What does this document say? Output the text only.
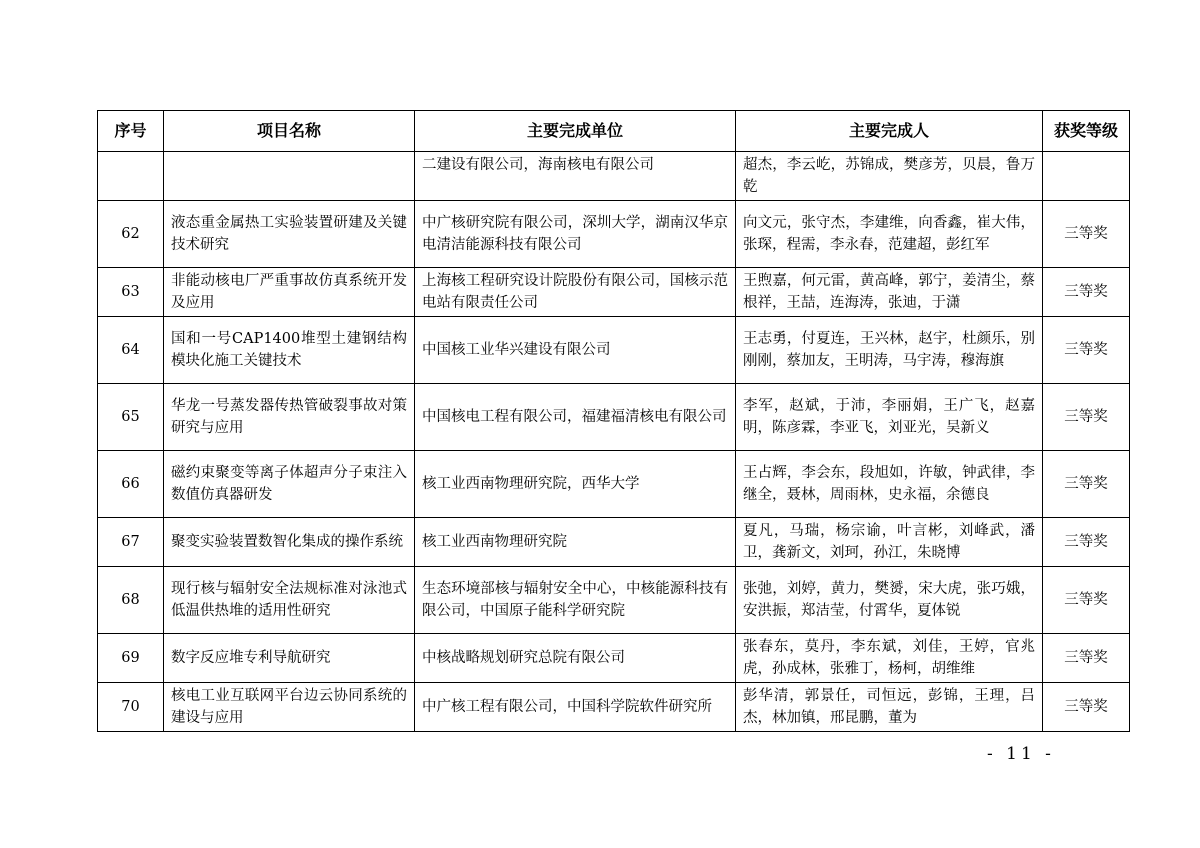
序号	项目名称	主要完成单位	主要完成人	获奖等级
		二建设有限公司，海南核电有限公司	超杰，李云屹，苏锦成，樊彦芳，贝晨，鲁万乾	
62	液态重金属热工实验装置研建及关键技术研究	中广核研究院有限公司，深圳大学，湖南汉华京电清洁能源科技有限公司	向文元，张守杰，李建维，向香鑫，崔大伟，张琛，程需，李永春，范建超，彭红军	三等奖
63	非能动核电厂严重事故仿真系统开发及应用	上海核工程研究设计院股份有限公司，国核示范电站有限责任公司	王煦嘉，何元雷，黄高峰，郭宁，姜清尘，蔡根祥，王喆，连海涛，张迪，于潇	三等奖
64	国和一号CAP1400堆型土建钢结构模块化施工关键技术	中国核工业华兴建设有限公司	王志勇，付夏连，王兴林，赵宇，杜颜乐，别刚刚，蔡加友，王明涛，马宇涛，穆海旗	三等奖
65	华龙一号蒸发器传热管破裂事故对策研究与应用	中国核电工程有限公司，福建福清核电有限公司	李军，赵斌，于沛，李丽娟，王广飞，赵嘉明，陈彦霖，李亚飞，刘亚光，吴新义	三等奖
66	磁约束聚变等离子体超声分子束注入数值仿真器研发	核工业西南物理研究院，西华大学	王占辉，李会东，段旭如，许敏，钟武律，李继全，聂林，周雨林，史永福，余德良	三等奖
67	聚变实验装置数智化集成的操作系统	核工业西南物理研究院	夏凡，马瑞，杨宗谕，叶言彬，刘峰武，潘卫，龚新文，刘珂，孙江，朱晓博	三等奖
68	现行核与辐射安全法规标准对泳池式低温供热堆的适用性研究	生态环境部核与辐射安全中心，中核能源科技有限公司，中国原子能科学研究院	张弛，刘婷，黄力，樊赟，宋大虎，张巧娥，安洪振，郑洁莹，付霄华，夏体锐	三等奖
69	数字反应堆专利导航研究	中核战略规划研究总院有限公司	张春东，莫丹，李东斌，刘佳，王婷，官兆虎，孙成林，张雅丁，杨柯，胡维维	三等奖
70	核电工业互联网平台边云协同系统的建设与应用	中广核工程有限公司，中国科学院软件研究所	彭华清，郭景任，司恒远，彭锦，王理，吕杰，林加镇，邢昆鹏，董为	三等奖
- 11 -
